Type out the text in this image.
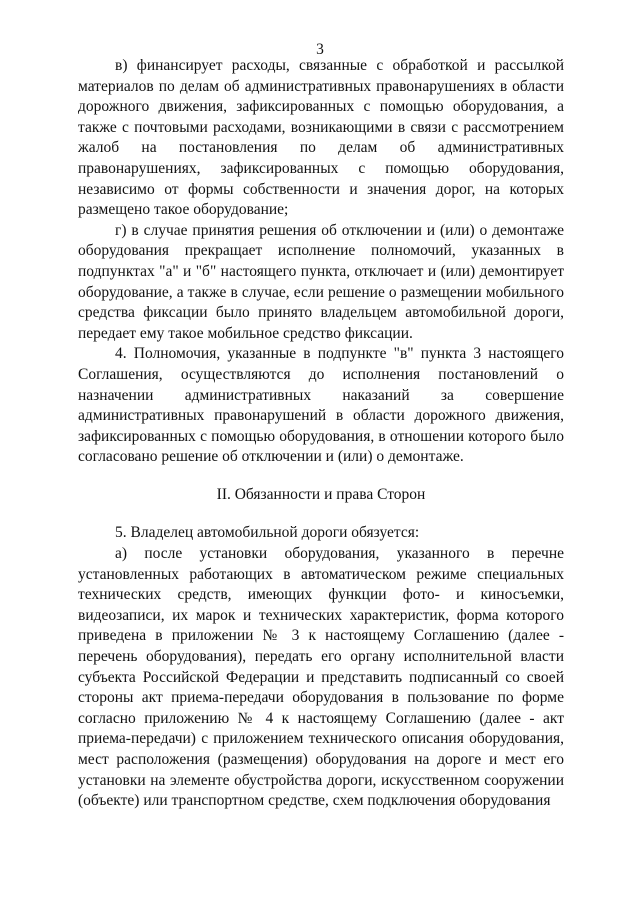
3

в) финансирует расходы, связанные с обработкой и рассылкой материалов по делам об административных правонарушениях в области дорожного движения, зафиксированных с помощью оборудования, а также с почтовыми расходами, возникающими в связи с рассмотрением жалоб на постановления по делам об административных правонарушениях, зафиксированных с помощью оборудования, независимо от формы собственности и значения дорог, на которых размещено такое оборудование;

г) в случае принятия решения об отключении и (или) о демонтаже оборудования прекращает исполнение полномочий, указанных в подпунктах "а" и "б" настоящего пункта, отключает и (или) демонтирует оборудование, а также в случае, если решение о размещении мобильного средства фиксации было принято владельцем автомобильной дороги, передает ему такое мобильное средство фиксации.

4. Полномочия, указанные в подпункте "в" пункта 3 настоящего Соглашения, осуществляются до исполнения постановлений о назначении административных наказаний за совершение административных правонарушений в области дорожного движения, зафиксированных с помощью оборудования, в отношении которого было согласовано решение об отключении и (или) о демонтаже.

II. Обязанности и права Сторон

5. Владелец автомобильной дороги обязуется:

а) после установки оборудования, указанного в перечне установленных работающих в автоматическом режиме специальных технических средств, имеющих функции фото- и киносъемки, видеозаписи, их марок и технических характеристик, форма которого приведена в приложении № 3 к настоящему Соглашению (далее - перечень оборудования), передать его органу исполнительной власти субъекта Российской Федерации и представить подписанный со своей стороны акт приема-передачи оборудования в пользование по форме согласно приложению № 4 к настоящему Соглашению (далее - акт приема-передачи) с приложением технического описания оборудования, мест расположения (размещения) оборудования на дороге и мест его установки на элементе обустройства дороги, искусственном сооружении (объекте) или транспортном средстве, схем подключения оборудования
